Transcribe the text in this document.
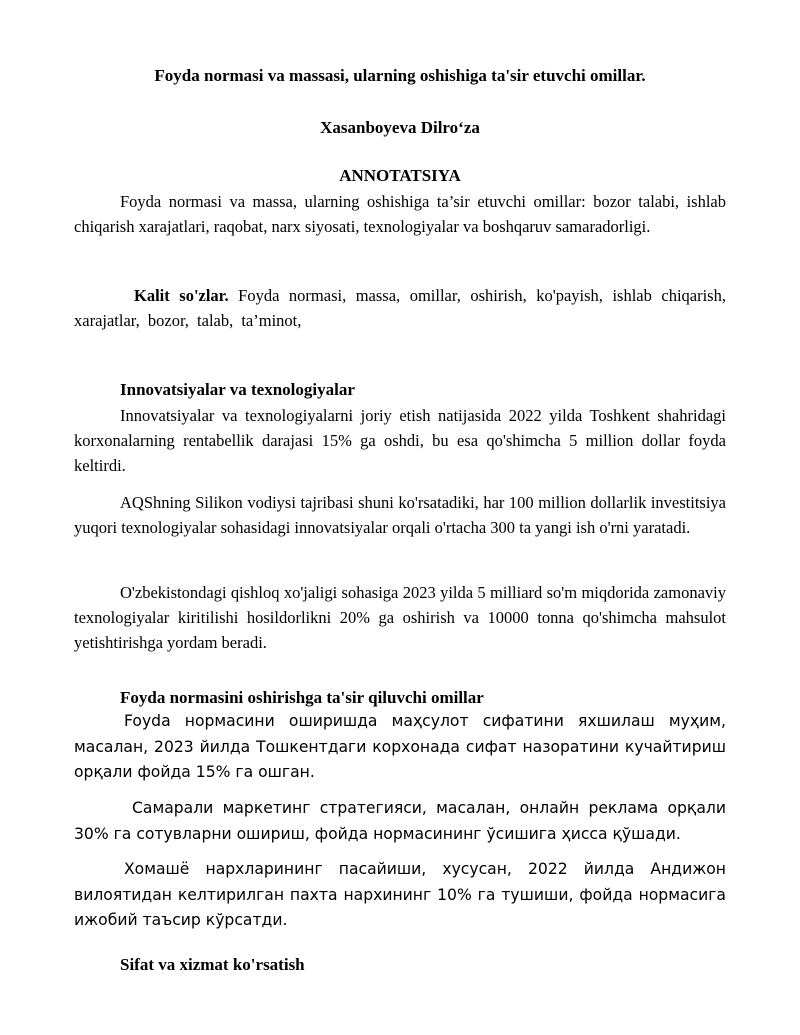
Foyda normasi va massasi, ularning oshishiga ta'sir etuvchi omillar.
Xasanboyeva Dilro‘za
ANNOTATSIYA

Foyda normasi va massa, ularning oshishiga ta’sir etuvchi omillar: bozor talabi, ishlab chiqarish xarajatlari, raqobat, narx siyosati, texnologiyalar va boshqaruv samaradorligi.

Kalit so'zlar. Foyda normasi, massa, omillar, oshirish, ko'payish, ishlab chiqarish, xarajatlar, bozor, talab, ta’minot,

Innovatsiyalar va texnologiyalar

Innovatsiyalar va texnologiyalarni joriy etish natijasida 2022 yilda Toshkent shahridagi korxonalarning rentabellik darajasi 15% ga oshdi, bu esa qo'shimcha 5 million dollar foyda keltirdi.

AQShning Silikon vodiysi tajribasi shuni ko'rsatadiki, har 100 million dollarlik investitsiya yuqori texnologiyalar sohasidagi innovatsiyalar orqali o'rtacha 300 ta yangi ish o'rni yaratadi.

O'zbekistondagi qishloq xo'jaligi sohasiga 2023 yilda 5 milliard so'm miqdorida zamonaviy texnologiyalar kiritilishi hosildorlikni 20% ga oshirish va 10000 tonna qo'shimcha mahsulot yetishtirishga yordam beradi.

Foyda normasini oshirishga ta'sir qiluvchi omillar

Foyda нормасини оширишда маҳсулот сифатини яхшилаш муҳим, масалан, 2023 йилда Тошкентдаги корхонада сифат назоратини кучайтириш орқали фойда 15% га ошган.

Самарали маркетинг стратегияси, масалан, онлайн реклама орқали 30% га сотувларни ошириш, фойда нормасининг ўсишига ҳисса қўшади.

Хомашё нархларининг пасайиши, хусусан, 2022 йилда Андижон вилоятидан келтирилган пахта нархининг 10% га тушиши, фойда нормасига ижобий таъсир кўрсатди.

Sifat va xizmat ko'rsatish
